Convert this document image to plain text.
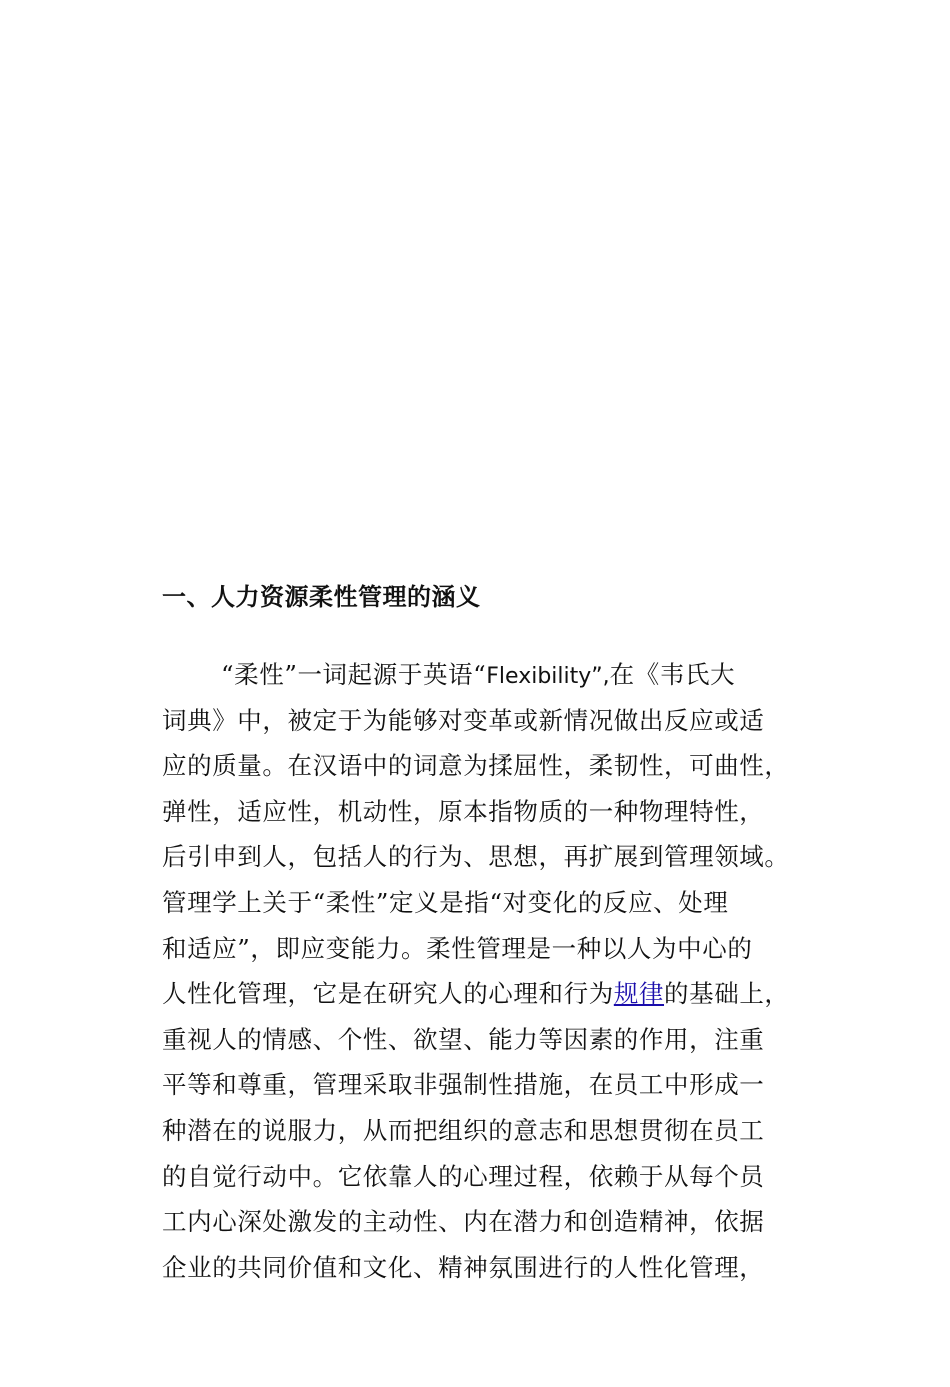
一、人力资源柔性管理的涵义
“柔性”一词起源于英语“Flexibility”,在《韦氏大
词典》中，被定于为能够对变革或新情况做出反应或适
应的质量。在汉语中的词意为揉屈性，柔韧性，可曲性，
弹性，适应性，机动性，原本指物质的一种物理特性，
后引申到人，包括人的行为、思想，再扩展到管理领域。
管理学上关于“柔性”定义是指“对变化的反应、处理
和适应”，即应变能力。柔性管理是一种以人为中心的
人性化管理，它是在研究人的心理和行为规律的基础上，
重视人的情感、个性、欲望、能力等因素的作用，注重
平等和尊重，管理采取非强制性措施，在员工中形成一
种潜在的说服力，从而把组织的意志和思想贯彻在员工
的自觉行动中。它依靠人的心理过程，依赖于从每个员
工内心深处激发的主动性、内在潜力和创造精神，依据
企业的共同价值和文化、精神氛围进行的人性化管理，
